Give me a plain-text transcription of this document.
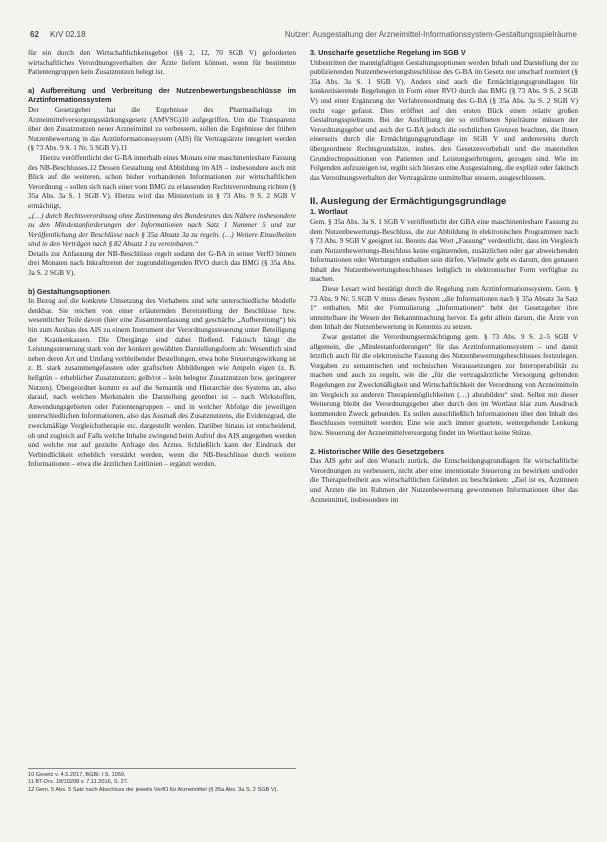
62 KrV 02.18	Nutzer: Ausgestaltung der Arzneimittel-Informationssystem-Gestaltungsspielräume

für ein durch den Wirtschaftlichkeitsgebot (§§ 2, 12, 70 SGB V) geforderten wirtschaftliches Verordnungsverhalten der Ärzte liefern können, wenn für bestimmte Patientengruppen kein Zusatznutzen belegt ist.

a) Aufbereitung und Verbreitung der Nutzenbewertungsbeschlüsse im Arztinformationssystem

Der Gesetzgeber hat die Ergebnisse des Pharmadialogs im Arzneimittelversorgungsstärkungsgesetz (AMVSG)10 aufgegriffen. Um die Transparenz über den Zusatznutzen neuer Arzneimittel zu verbessern, sollen die Ergebnisse der frühen Nutzenbewertung in das Arztinformationssystem (AIS) für Vertragsärzte integriert werden (§ 73 Abs. 9 S. 1 Nr. 5 SGB V).11

Hierzu veröffentlicht der G-BA innerhalb eines Monats eine maschinenlesbare Fassung des NB-Beschlusses.12 Dessen Gestaltung und Abbildung im AIS – insbesondere auch mit Blick auf die weiteren, schon bisher vorhandenen Informationen zur wirtschaftlichen Verordnung – sollen sich nach einer vom BMG zu erlassenden Rechtsverordnung richten (§ 35a Abs. 3a S. 1 SGB V). Hierzu wird das Ministerium in § 73 Abs. 9 S. 2 SGB V ermächtigt,

„(…) durch Rechtsverordnung ohne Zustimmung des Bundesrates das Nähere insbesondere zu den Mindestanforderungen der Informationen nach Satz 1 Nummer 5 und zur Veröffentlichung der Beschlüsse nach § 35a Absatz 3a zu regeln. (…) Weitere Einzelheiten sind in den Verträgen nach § 82 Absatz 1 zu vereinbaren.“

Details zur Anfassung der NB-Beschlüsse regelt sodann der G-BA in seiner VerfO binnen drei Monaten nach Inkrafttreten der zugrundeliegenden RVO durch das BMG (§ 35a Abs. 3a S. 2 SGB V).

b) Gestaltungsoptionen

In Bezug auf die konkrete Umsetzung des Vorhabens sind sehr unterschiedliche Modelle denkbar. Sie reichen von einer erläuternden Bereitstellung der Beschlüsse bzw. wesentlicher Teile davon (hier eine Zusammenfassung und geschärfte „Aufbereitung“) bis hin zum Ausbau des AIS zu einem Instrument der Verordnungssteuerung unter Beteiligung der Krankenkassen. Die Übergänge sind dabei fließend. Faktisch hängt die Leistungssteuerung stark von der konkret gewählten Darstellungsform ab: Wesentlich sind neben deren Art und Umfang verbleibender Bestellungen, etwa hohe Steuerungswirkung ist z. B. stark zusammengefassten oder grafischen Abbildungen wie Ampeln eigen (z. B. hellgrün – erheblicher Zusatznutzen; gelb/rot – kein belegter Zusatznutzen bzw. geringerer Nutzen). Übergeordnet kommt es auf die Semantik und Hierarchie des Systems an, also darauf, nach welchen Merkmalen die Darstellung geordnet ist – nach Wirkstoffen, Anwendungsgebieten oder Patientengruppen – und in welcher Abfolge die jeweiligen unterschiedlichen Informationen, also das Ausmaß des Zusatznutzens, die Evidenzgrad, die zweckmäßige Vergleichstherapie etc. dargestellt werden. Darüber hinaus ist entscheidend, ob und zugleich auf Falls welche Inhalte zwingend beim Aufruf des AIS angegeben werden und welche nur auf gezielte Anfrage des Arztes. Schließlich kann der Eindruck der Verbindlichkeit erheblich verstärkt werden, wenn die NB-Beschlüsse durch weitere Informationen – etwa die ärztlichen Leitlinien – ergänzt werden.

10 Gesetz v. 4.5.2017, BGBl. I S. 1050.
11 BT-Drs. 18/10208 v. 7.11.2016, S. 27.
12 Gem. 5 Abs. 5 Satz nach Abschluss der jeweils VerfO für Arzneimittel (§ 35a Abs. 3a S. 2 SGB V).
3. Unscharfe gesetzliche Regelung im SGB V

Unbestritten der mannigfaltigen Gestaltungsoptionen werden Inhalt und Darstellung der zu publizierenden Nutzenbewertungsbeschlüsse des G-BA im Gesetz nur unscharf normiert (§ 35a Abs. 3a S. 1 SGB V). Anders sind auch die Ermächtigungsgrundlagen für konkretisierende Regelungen in Form einer RVO durch das BMG (§ 73 Abs. 9 S. 2 SGB V) und einer Ergänzung der Verfahrensordnung des G-BA (§ 35a Abs. 3a S. 2 SGB V) recht vage gefasst. Dies eröffnet auf den ersten Blick einen relativ großen Gestaltungsspielraum. Bei der Ausfüllung der so eröffneten Spielräume müssen der Verordnungsgeber und auch der G-BA jedoch die rechtlichen Grenzen beachten, die ihnen einerseits durch die Ermächtigungsgrundlage im SGB V und andererseits durch übergeordnete Rechtsgrundsätze, insbes. den Gesetzesvorbehalt und die materiellen Grundrechtspositionen von Patienten und Leistungserbringern, gezogen sind. Wie im Folgenden aufzuzeigen ist, ergibt sich hieraus eine Ausgestaltung, die explizit oder faktisch das Verordnungsverhalten der Vertragsärzte unmittelbar steuern, ausgeschlossen.

II. Auslegung der Ermächtigungsgrundlage
1. Wortlaut

Gem. § 35a Abs. 3a S. 1 SGB V veröffentlicht der GBA eine maschinenlesbare Fassung zu dem Nutzenbewertungs-Beschluss, die zur Abbildung in elektronischen Programmen nach § 73 Abs. 9 SGB V geeignet ist. Bereits das Wort „Fassung“ verdeutlicht, dass im Vergleich zum Nutzenbewertungs-Beschluss keine ergänzenden, zusätzlichen oder gar abweichenden Informationen oder Wertungen enthalten sein dürfen. Vielmehr geht es darum, den genauen Inhalt des Nutzenbewertungsbeschlusses lediglich in elektronischer Form verfügbar zu machen.

Diese Lesart wird bestätigt durch die Regelung zum Arztinformationssystem. Gem. § 73 Abs. 9 Nr. 5 SGB V muss dieses System „die Informationen nach § 35a Absatz 3a Satz 1“ enthalten. Mit der Formulierung „Informationen“ hebt der Gesetzgeber ihre unmittelbare ihr Wesen der Bekanntmachung hervor. Es geht allein darum, die Ärzte von dem Inhalt der Nutzenbewertung in Kenntnis zu setzen.

Zwar gestattet die Verordnungsermächtigung gem. § 73 Abs. 9 S. 2–5 SGB V allgemein, die „Mindestanforderungen“ für das Arztinformationssystem – und damit letztlich auch für die elektronische Fassung des Nutzenbewertungsbeschlusses festzulegen. Vorgaben zu semantischen und technischen Voraussetzungen zur Interoperabilität zu machen und auch zu regeln, wie die „für die vertragsärztliche Versorgung geltenden Regelungen zur Zweckmäßigkeit und Wirtschaftlichkeit der Verordnung von Arzneimitteln im Vergleich zu anderen Therapiemöglichkeiten (…) abzubilden“ sind. Selbst mit dieser Weiterung bleibt der Verordnungsgeber aber durch den im Wortlaut klar zum Ausdruck kommenden Zweck gebunden. Es sollen ausschließlich Informationen über den Inhalt des Beschlusses vermittelt werden. Eine wie auch immer geartete, weitergehende Lenkung bzw. Steuerung der Arzneimittelversorgung findet im Wortlaut keine Stütze.

2. Historischer Wille des Gesetzgebers

Das AIS geht auf den Wunsch zurück, die Entscheidungsgrundlagen für wirtschaftliche Verordnungen zu verbessern, nicht aber eine intentionale Steuerung zu bewirken und/oder die Therapiefreiheit aus wirtschaftlichen Gründen zu beschränken: „Ziel ist es, Ärztinnen und Ärzten die im Rahmen der Nutzenbewertung gewonnenen Informationen über das Arzneimittel, insbesondere im
